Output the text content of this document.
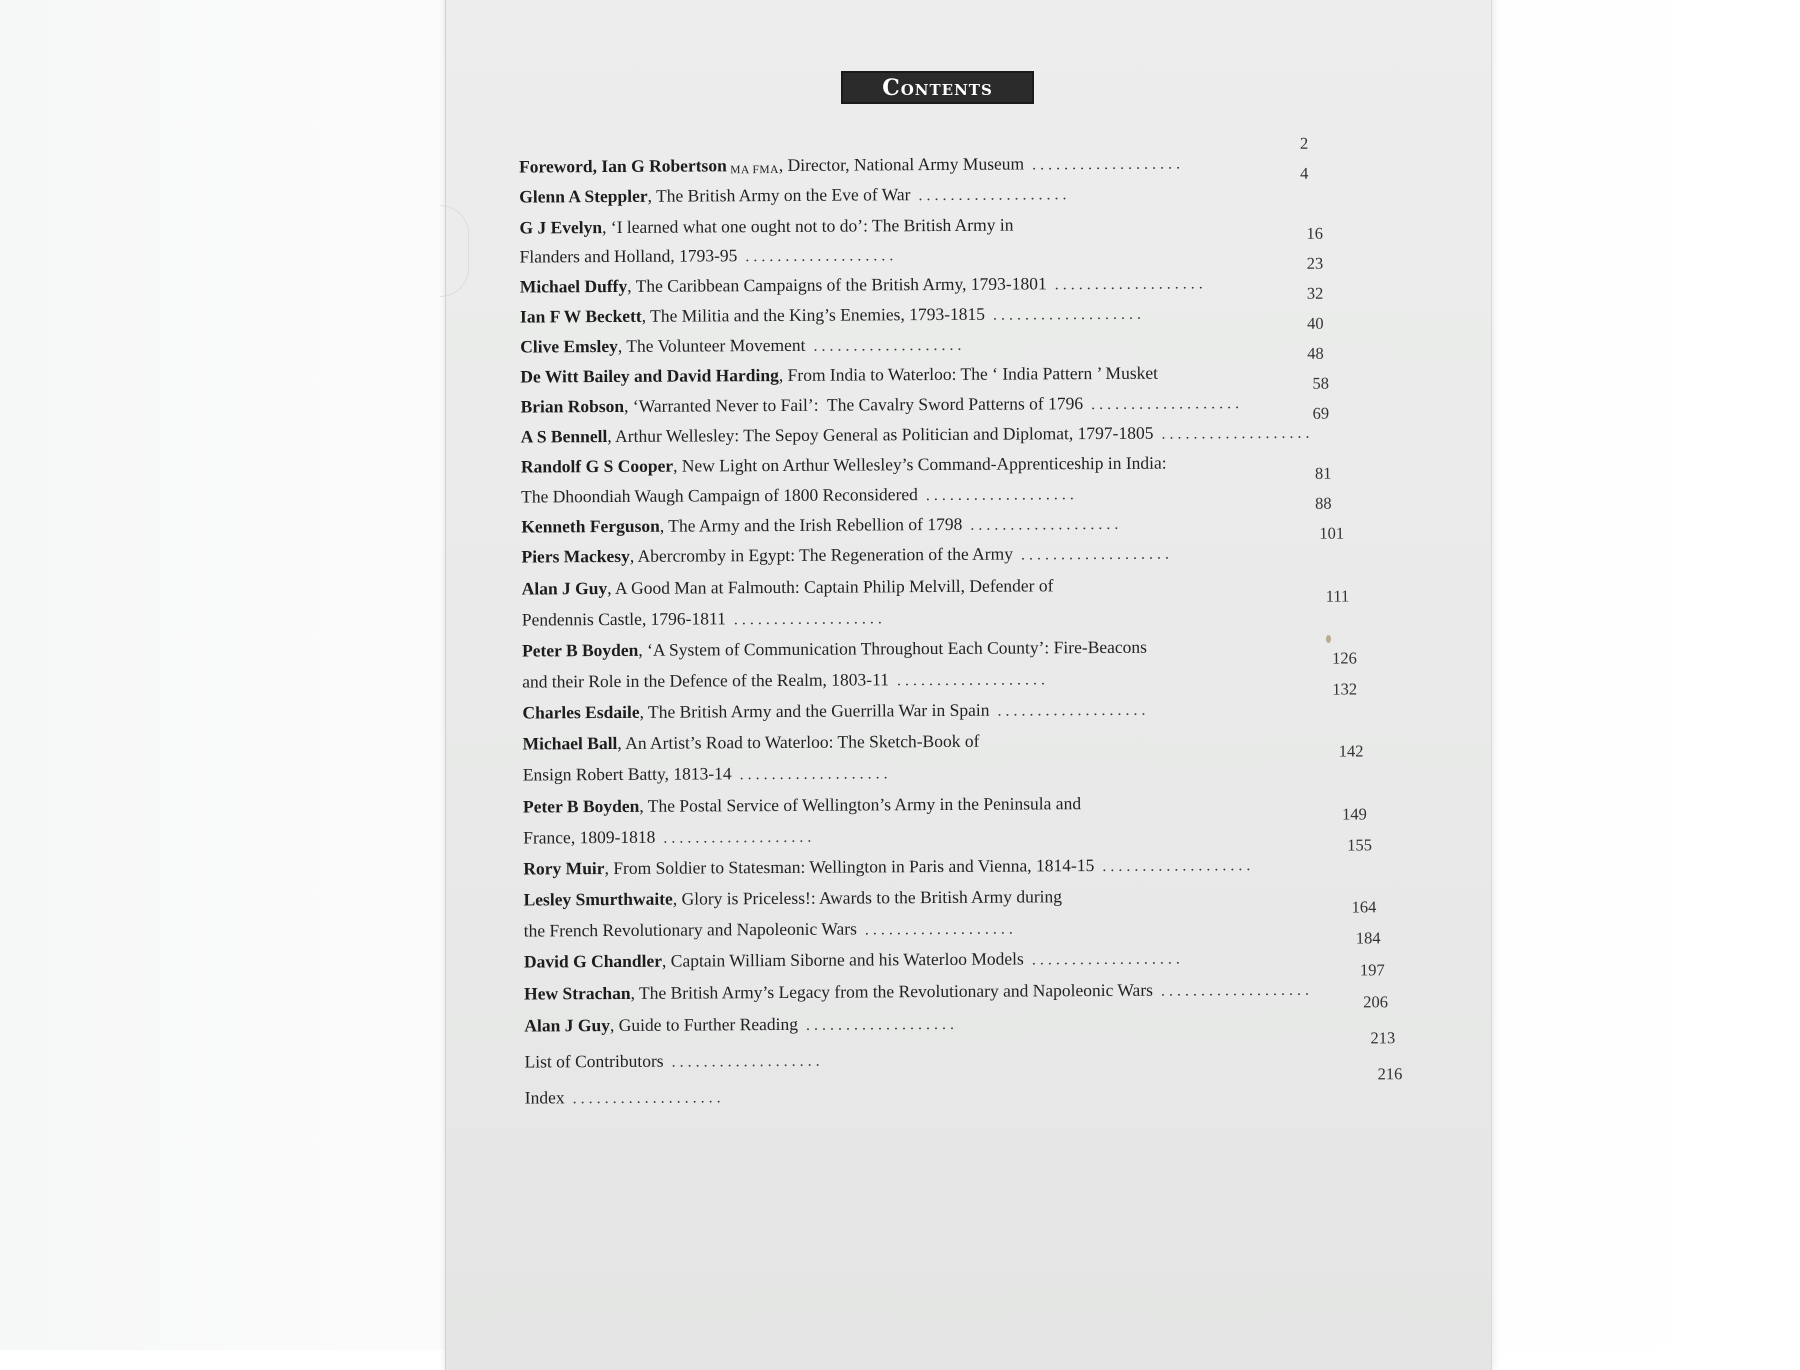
Contents
Foreword, Ian G Robertson MA FMA , Director, National Army Museum . . . . . . . . . . . . . . . . . . .
2
Glenn A Steppler , The British Army on the Eve of War . . . . . . . . . . . . . . . . . . .
4
G J Evelyn , ‘I learned what one ought not to do’: The British Army in
Flanders and Holland, 1793-95 . . . . . . . . . . . . . . . . . . .
16
Michael Duffy , The Caribbean Campaigns of the British Army, 1793-1801 . . . . . . . . . . . . . . . . . . .
23
Ian F W Beckett , The Militia and the King’s Enemies, 1793-1815 . . . . . . . . . . . . . . . . . . .
32
Clive Emsley , The Volunteer Movement . . . . . . . . . . . . . . . . . . .
40
De Witt Bailey and David Harding , From India to Waterloo: The ‘ India Pattern ’ Musket
48
Brian Robson , ‘Warranted Never to Fail’:  The Cavalry Sword Patterns of 1796 . . . . . . . . . . . . . . . . . . .
58
A S Bennell , Arthur Wellesley: The Sepoy General as Politician and Diplomat, 1797-1805 . . . . . . . . . . . . . . . . . . .
69
Randolf G S Cooper , New Light on Arthur Wellesley’s Command-Apprenticeship in India:
The Dhoondiah Waugh Campaign of 1800 Reconsidered . . . . . . . . . . . . . . . . . . .
81
Kenneth Ferguson , The Army and the Irish Rebellion of 1798 . . . . . . . . . . . . . . . . . . .
88
Piers Mackesy , Abercromby in Egypt: The Regeneration of the Army . . . . . . . . . . . . . . . . . . .
101
Alan J Guy , A Good Man at Falmouth: Captain Philip Melvill, Defender of
Pendennis Castle, 1796-1811 . . . . . . . . . . . . . . . . . . .
111
Peter B Boyden , ‘A System of Communication Throughout Each County’: Fire-Beacons
and their Role in the Defence of the Realm, 1803-11 . . . . . . . . . . . . . . . . . . .
126
Charles Esdaile , The British Army and the Guerrilla War in Spain . . . . . . . . . . . . . . . . . . .
132
Michael Ball , An Artist’s Road to Waterloo: The Sketch-Book of
Ensign Robert Batty, 1813-14 . . . . . . . . . . . . . . . . . . .
142
Peter B Boyden , The Postal Service of Wellington’s Army in the Peninsula and
France, 1809-1818 . . . . . . . . . . . . . . . . . . .
149
Rory Muir , From Soldier to Statesman: Wellington in Paris and Vienna, 1814-15 . . . . . . . . . . . . . . . . . . .
155
Lesley Smurthwaite , Glory is Priceless!: Awards to the British Army during
the French Revolutionary and Napoleonic Wars . . . . . . . . . . . . . . . . . . .
164
David G Chandler , Captain William Siborne and his Waterloo Models . . . . . . . . . . . . . . . . . . .
184
Hew Strachan , The British Army’s Legacy from the Revolutionary and Napoleonic Wars . . . . . . . . . . . . . . . . . . .
197
Alan J Guy , Guide to Further Reading . . . . . . . . . . . . . . . . . . .
206
List of Contributors . . . . . . . . . . . . . . . . . . .
213
Index . . . . . . . . . . . . . . . . . . .
216
